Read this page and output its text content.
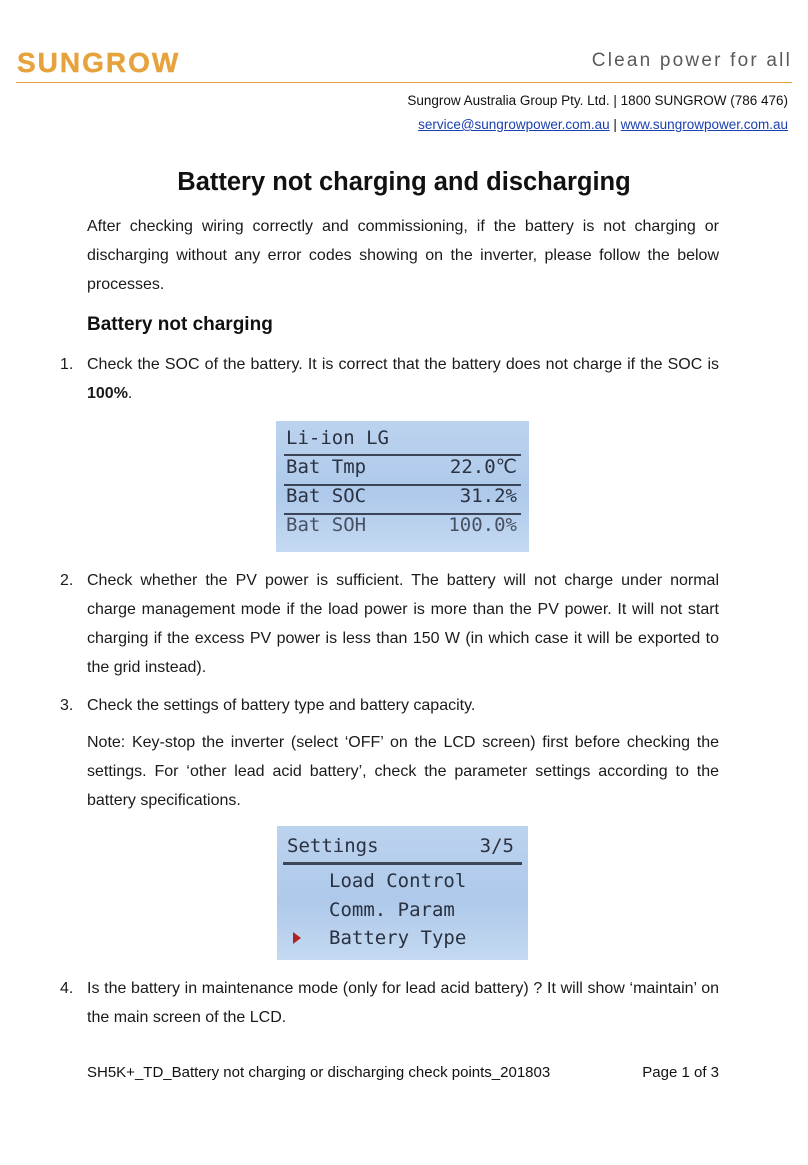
SUNGROW	Clean power for all
Sungrow Australia Group Pty. Ltd. | 1800 SUNGROW (786 476)
service@sungrowpower.com.au | www.sungrowpower.com.au
Battery not charging and discharging
After checking wiring correctly and commissioning, if the battery is not charging or discharging without any error codes showing on the inverter, please follow the below processes.
Battery not charging
1. Check the SOC of the battery. It is correct that the battery does not charge if the SOC is 100%.
Li-ion LG
Bat Tmp	22.0℃
Bat SOC	31.2%
Bat SOH	100.0%
2. Check whether the PV power is sufficient. The battery will not charge under normal charge management mode if the load power is more than the PV power. It will not start charging if the excess PV power is less than 150 W (in which case it will be exported to the grid instead).
3. Check the settings of battery type and battery capacity.
Note: Key-stop the inverter (select ‘OFF’ on the LCD screen) first before checking the settings. For ‘other lead acid battery’, check the parameter settings according to the battery specifications.
Settings	3/5
Load Control
Comm. Param
Battery Type
4. Is the battery in maintenance mode (only for lead acid battery) ? It will show ‘maintain’ on the main screen of the LCD.
SH5K+_TD_Battery not charging or discharging check points_201803	Page 1 of 3
